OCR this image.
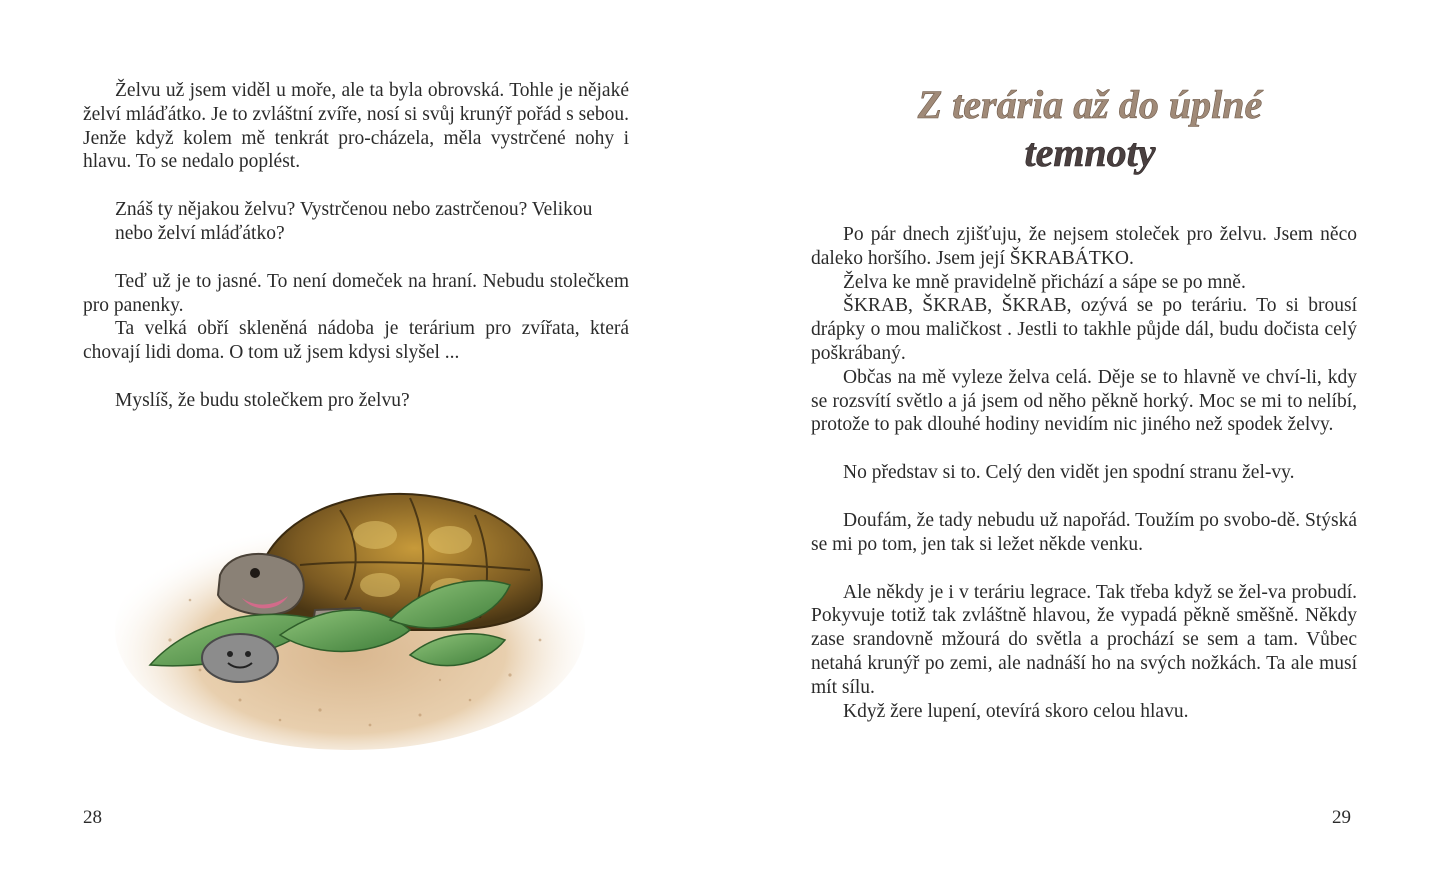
Želvu už jsem viděl u moře, ale ta byla obrovská. Tohle je nějaké želví mláďátko. Je to zvláštní zvíře, nosí si svůj krunýř pořád s sebou. Jenže když kolem mě tenkrát pro-cházela, měla vystrčené nohy i hlavu. To se nedalo poplést.

Znáš ty nějakou želvu? Vystrčenou nebo zastrčenou? Velikou nebo želví mláďátko?

Teď už je to jasné. To není domeček na hraní. Nebudu stolečkem pro panenky.

Ta velká obří skleněná nádoba je terárium pro zvířata, která chovají lidi doma. O tom už jsem kdysi slyšel ...

Myslíš, že budu stolečkem pro želvu?

28
Z terária až do úplné
temnoty

Po pár dnech zjišťuju, že nejsem stoleček pro želvu. Jsem něco daleko horšího. Jsem její ŠKRABÁTKO.

Želva ke mně pravidelně přichází a sápe se po mně.

ŠKRAB, ŠKRAB, ŠKRAB, ozývá se po teráriu. To si brousí drápky o mou maličkost . Jestli to takhle půjde dál, budu dočista celý poškrábaný.

Občas na mě vyleze želva celá. Děje se to hlavně ve chví-li, kdy se rozsvítí světlo a já jsem od něho pěkně horký. Moc se mi to nelíbí, protože to pak dlouhé hodiny nevidím nic jiného než spodek želvy.

No představ si to. Celý den vidět jen spodní stranu žel-vy.

Doufám, že tady nebudu už napořád. Toužím po svobo-dě. Stýská se mi po tom, jen tak si ležet někde venku.

Ale někdy je i v teráriu legrace. Tak třeba když se žel-va probudí. Pokyvuje totiž tak zvláštně hlavou, že vypadá pěkně směšně. Někdy zase srandovně mžourá do světla a prochází se sem a tam. Vůbec netahá krunýř po zemi, ale nadnáší ho na svých nožkách. Ta ale musí mít sílu.

Když žere lupení, otevírá skoro celou hlavu.

29
